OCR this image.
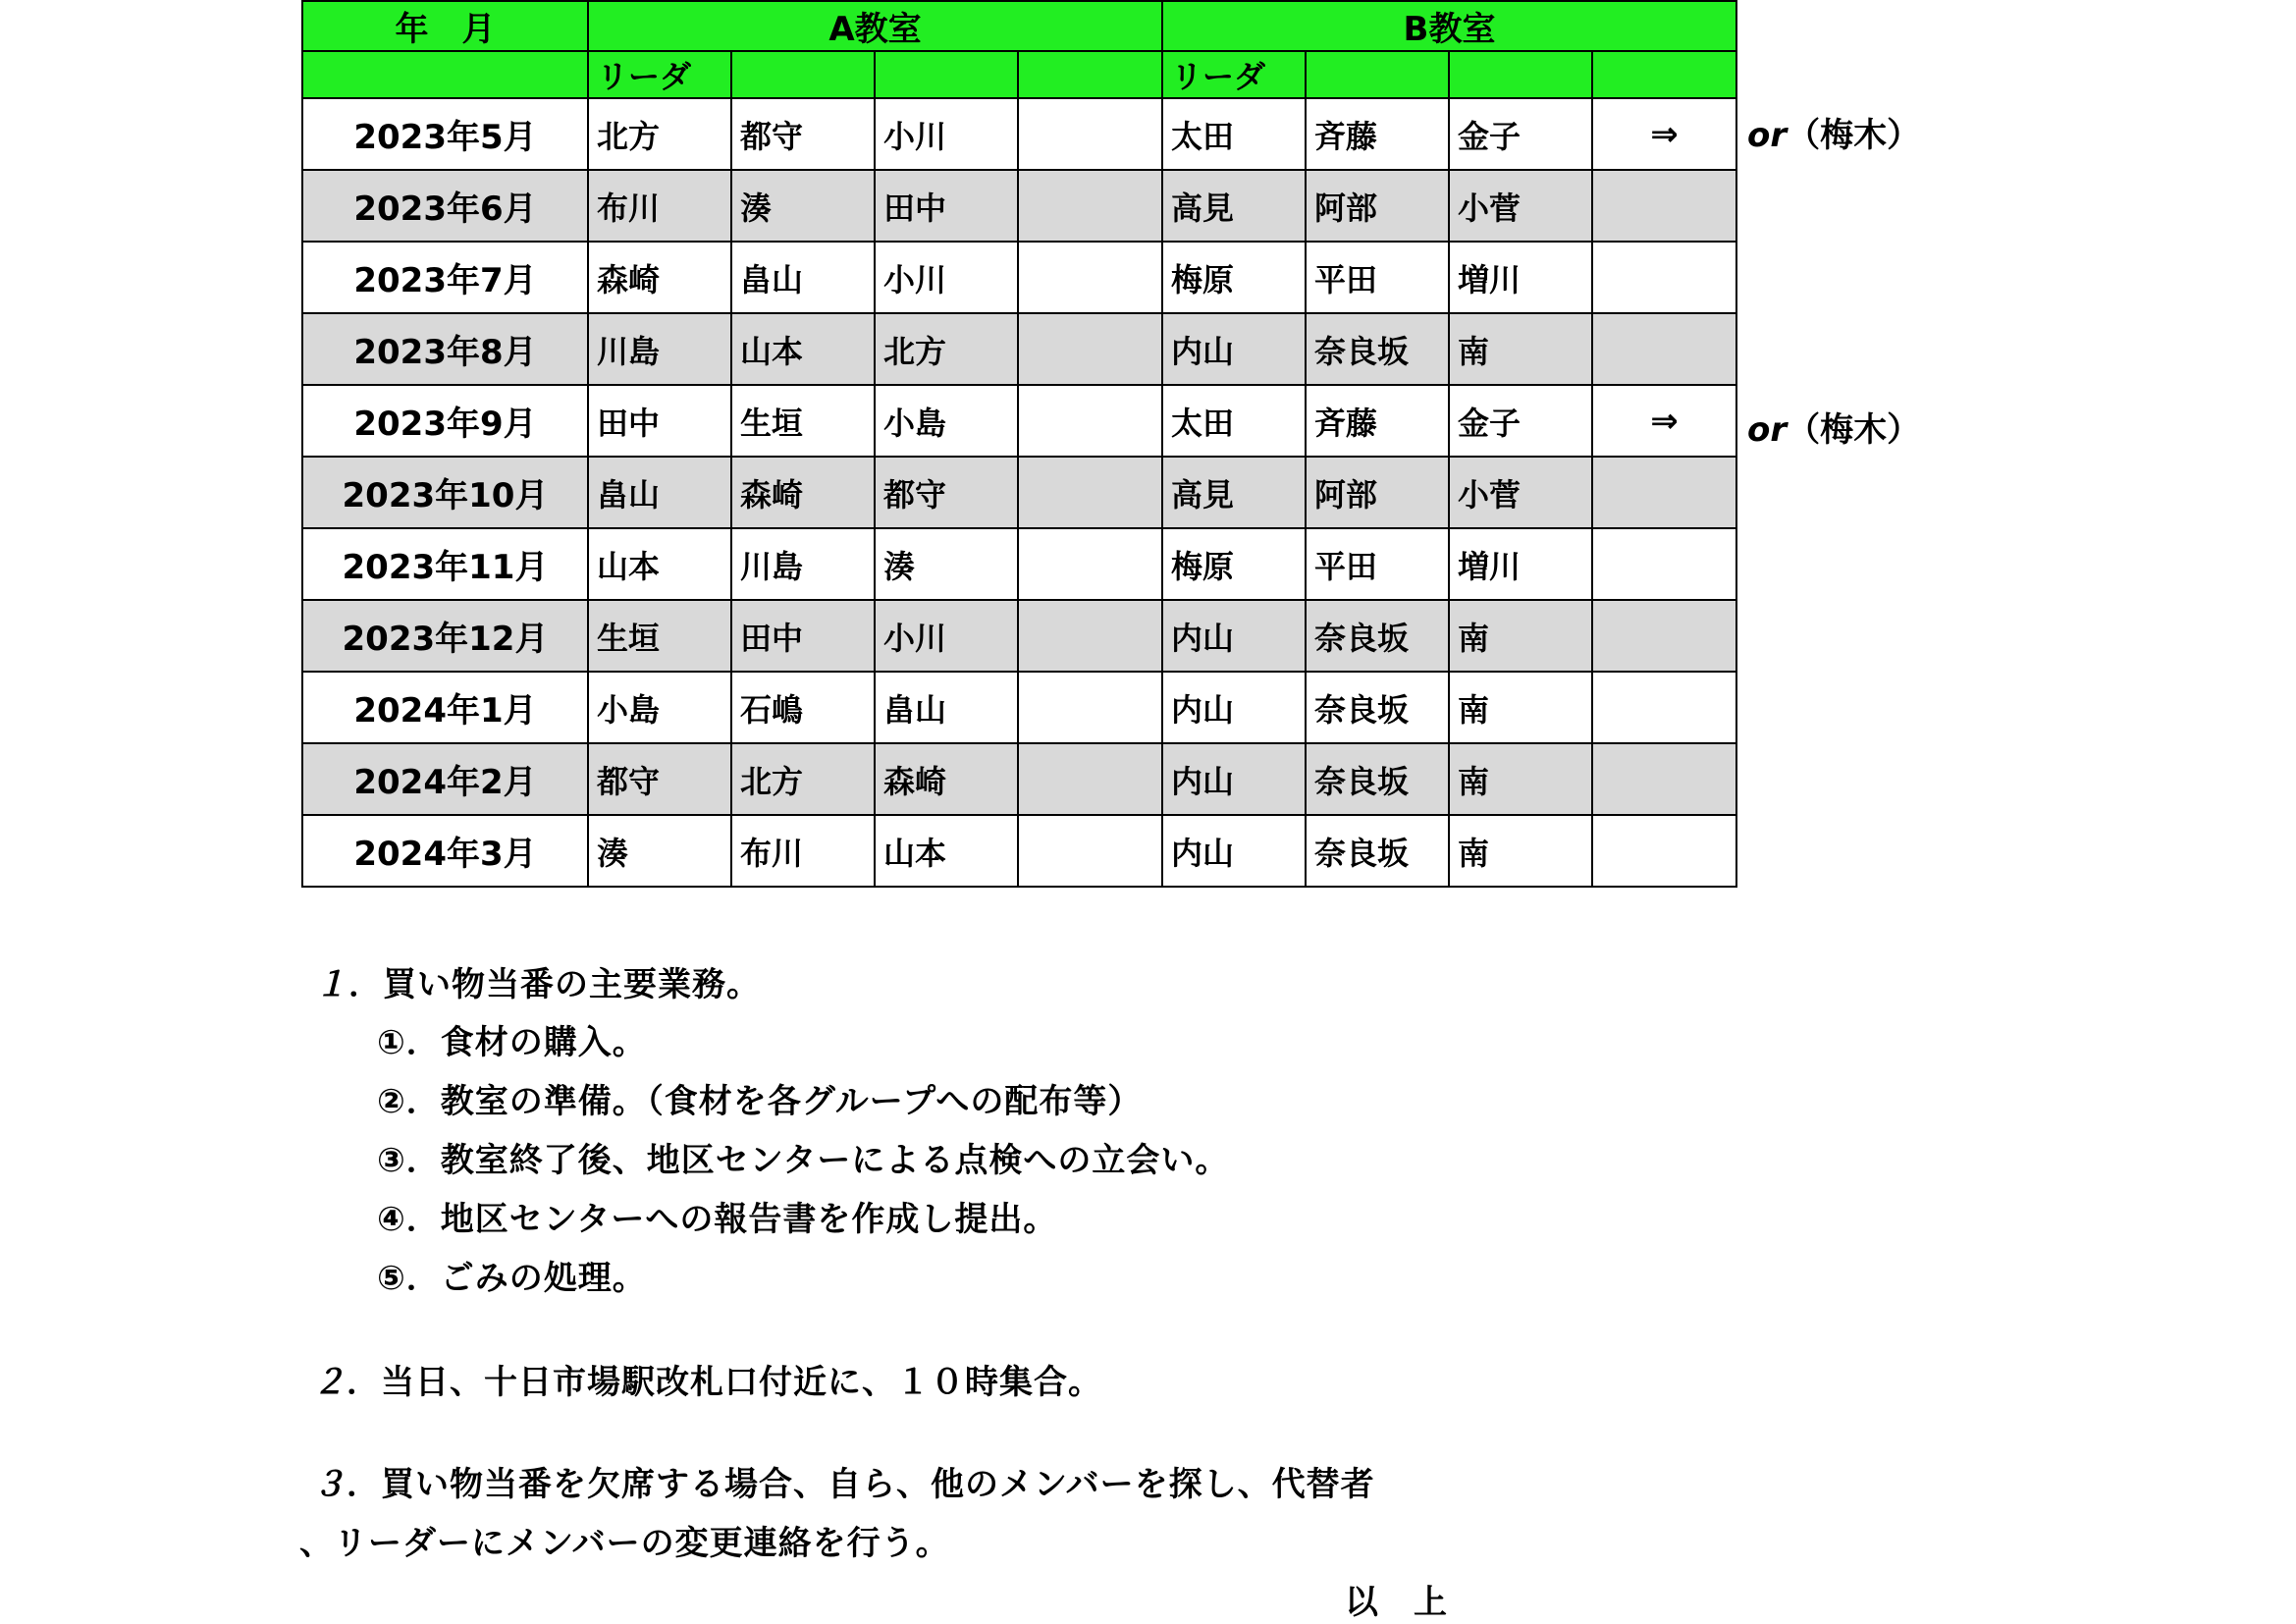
年　月	A教室				B教室			
	リーダ				リーダ			
2023年5月	北方	都守	小川		太田	斉藤	金子	⇒
2023年6月	布川	湊	田中		高見	阿部	小菅	
2023年7月	森崎	畠山	小川		梅原	平田	増川	
2023年8月	川島	山本	北方		内山	奈良坂	南	
2023年9月	田中	生垣	小島		太田	斉藤	金子	⇒
2023年10月	畠山	森崎	都守		高見	阿部	小菅	
2023年11月	山本	川島	湊		梅原	平田	増川	
2023年12月	生垣	田中	小川		内山	奈良坂	南	
2024年1月	小島	石嶋	畠山		内山	奈良坂	南	
2024年2月	都守	北方	森崎		内山	奈良坂	南	
2024年3月	湊	布川	山本		内山	奈良坂	南	
or（梅木）
or（梅木）
１．買い物当番の主要業務。
①．食材の購入。
②．教室の準備。（食材を各グループへの配布等）
③．教室終了後、地区センターによる点検への立会い。
④．地区センターへの報告書を作成し提出。
⑤．ごみの処理。
２．当日、十日市場駅改札口付近に、１０時集合。
３．買い物当番を欠席する場合、自ら、他のメンバーを探し、代替者
、リーダーにメンバーの変更連絡を行う。
以　上
